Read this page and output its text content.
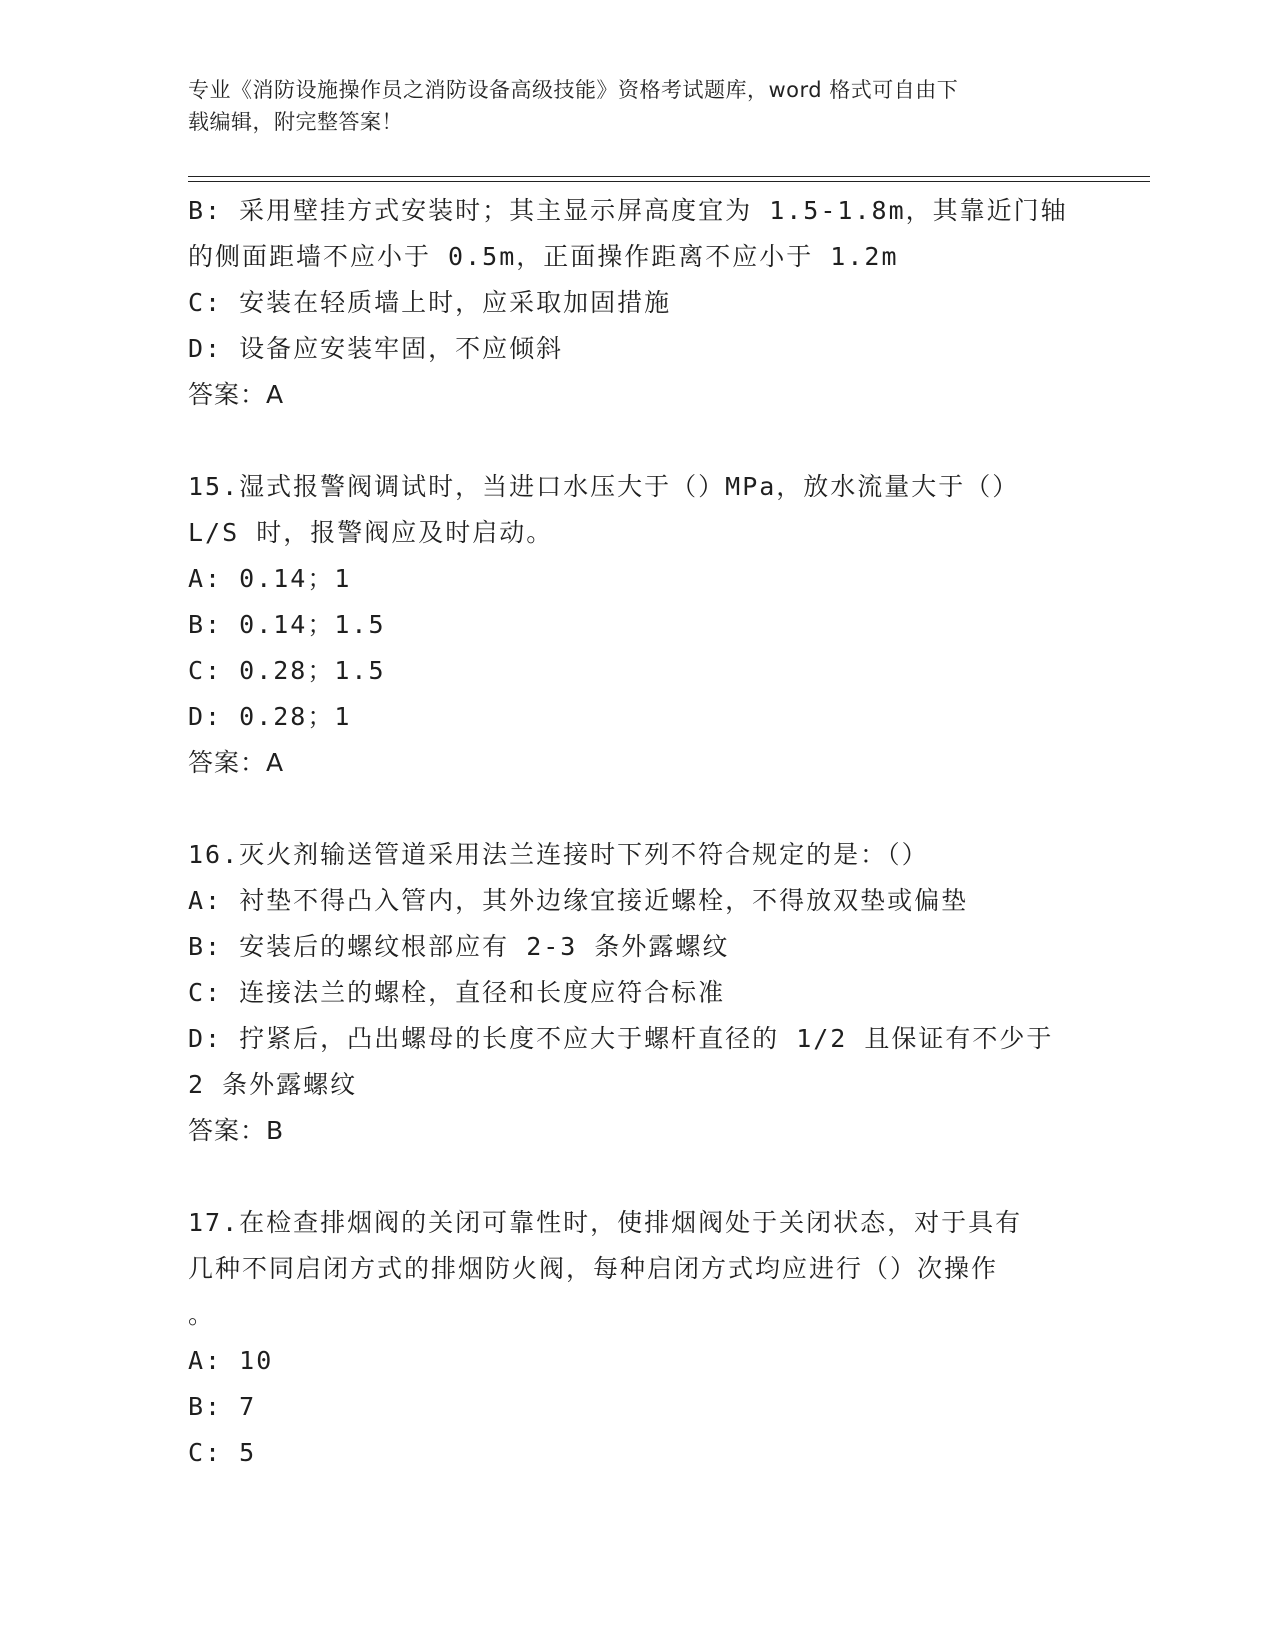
专业《消防设施操作员之消防设备高级技能》资格考试题库，word 格式可自由下
载编辑，附完整答案！

B: 采用壁挂方式安装时；其主显示屏高度宜为 1.5-1.8m，其靠近门轴

的侧面距墙不应小于 0.5m，正面操作距离不应小于 1.2m

C: 安装在轻质墙上时，应采取加固措施

D: 设备应安装牢固，不应倾斜

答案：A

15.湿式报警阀调试时，当进口水压大于（）MPa，放水流量大于（）

L/S 时，报警阀应及时启动。

A: 0.14；1

B: 0.14；1.5

C: 0.28；1.5

D: 0.28；1

答案：A

16.灭火剂输送管道采用法兰连接时下列不符合规定的是：（）

A: 衬垫不得凸入管内，其外边缘宜接近螺栓，不得放双垫或偏垫

B: 安装后的螺纹根部应有 2-3 条外露螺纹

C: 连接法兰的螺栓，直径和长度应符合标准

D: 拧紧后，凸出螺母的长度不应大于螺杆直径的 1/2 且保证有不少于

2 条外露螺纹

答案：B

17.在检查排烟阀的关闭可靠性时，使排烟阀处于关闭状态，对于具有

几种不同启闭方式的排烟防火阀，每种启闭方式均应进行（）次操作

。

A: 10

B: 7

C: 5
